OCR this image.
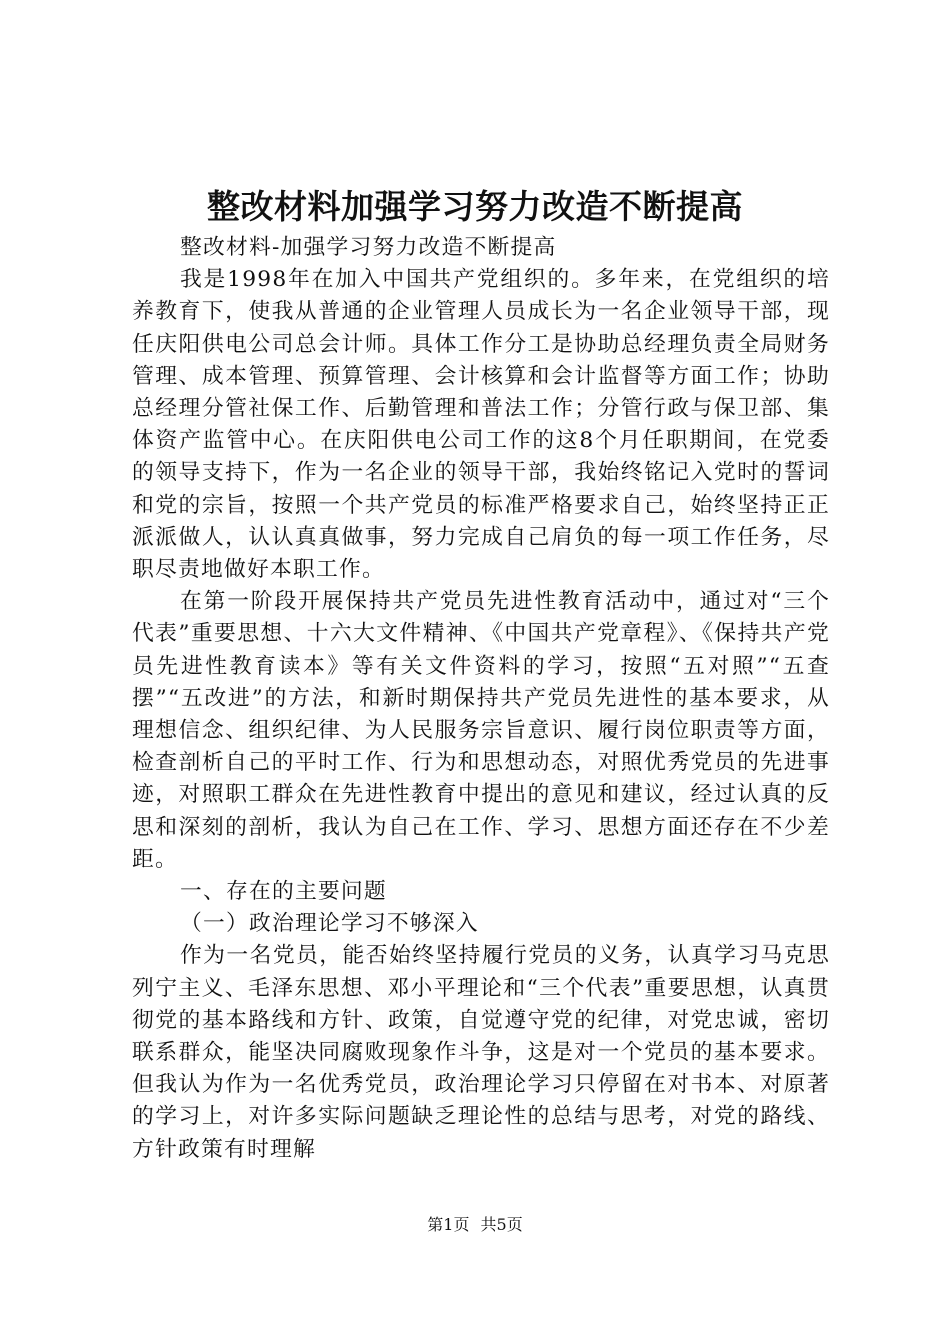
整改材料加强学习努力改造不断提高

整改材料-加强学习努力改造不断提高

我是1998年在加入中国共产党组织的。多年来，在党组织的培养教育下，使我从普通的企业管理人员成长为一名企业领导干部，现任庆阳供电公司总会计师。具体工作分工是协助总经理负责全局财务管理、成本管理、预算管理、会计核算和会计监督等方面工作；协助总经理分管社保工作、后勤管理和普法工作；分管行政与保卫部、集体资产监管中心。在庆阳供电公司工作的这8个月任职期间，在党委的领导支持下，作为一名企业的领导干部，我始终铭记入党时的誓词和党的宗旨，按照一个共产党员的标准严格要求自己，始终坚持正正派派做人，认认真真做事，努力完成自己肩负的每一项工作任务，尽职尽责地做好本职工作。

在第一阶段开展保持共产党员先进性教育活动中，通过对“三个代表”重要思想、十六大文件精神、《中国共产党章程》、《保持共产党员先进性教育读本》等有关文件资料的学习，按照“五对照”“五查摆”“五改进”的方法，和新时期保持共产党员先进性的基本要求，从理想信念、组织纪律、为人民服务宗旨意识、履行岗位职责等方面，检查剖析自己的平时工作、行为和思想动态，对照优秀党员的先进事迹，对照职工群众在先进性教育中提出的意见和建议，经过认真的反思和深刻的剖析，我认为自己在工作、学习、思想方面还存在不少差距。

一、存在的主要问题

（一）政治理论学习不够深入

作为一名党员，能否始终坚持履行党员的义务，认真学习马克思列宁主义、毛泽东思想、邓小平理论和“三个代表”重要思想，认真贯彻党的基本路线和方针、政策，自觉遵守党的纪律，对党忠诚，密切联系群众，能坚决同腐败现象作斗争，这是对一个党员的基本要求。但我认为作为一名优秀党员，政治理论学习只停留在对书本、对原著的学习上，对许多实际问题缺乏理论性的总结与思考，对党的路线、方针政策有时理解

第1页 共5页
